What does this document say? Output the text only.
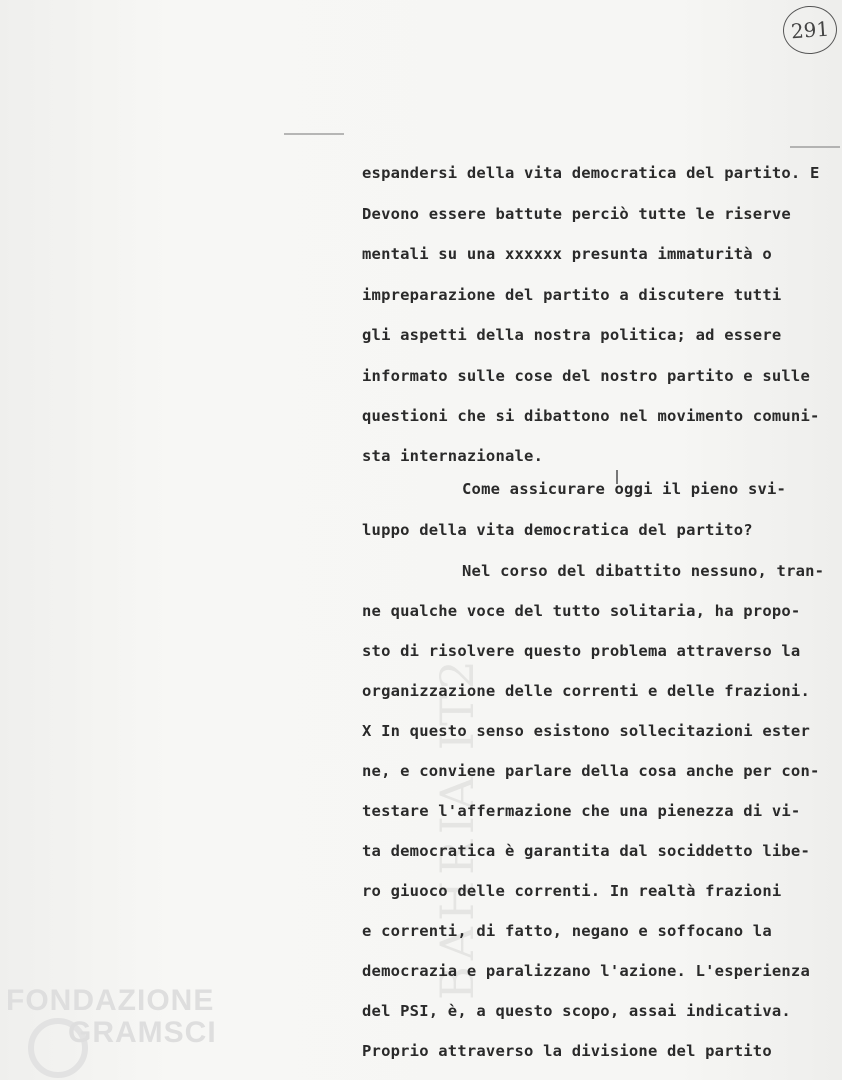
BAHRIA IT2
291
espandersi della vita democratica del partito. E
Devono essere battute perciò tutte le riserve
mentali su una xxxxxx presunta immaturità o
impreparazione del partito a discutere tutti
gli aspetti della nostra politica; ad essere
informato sulle cose del nostro partito e sulle
questioni che si dibattono nel movimento comuni-
sta internazionale.
Come assicurare oggi il pieno svi-
luppo della vita democratica del partito?
Nel corso del dibattito nessuno, tran-
ne qualche voce del tutto solitaria, ha propo-
sto di risolvere questo problema attraverso la
organizzazione delle correnti e delle frazioni.
X In questo senso esistono sollecitazioni ester
ne, e conviene parlare della cosa anche per con-
testare l'affermazione che una pienezza di vi-
ta democratica è garantita dal sociddetto libe-
ro giuoco delle correnti. In realtà frazioni
e correnti, di fatto, negano e soffocano la
democrazia e paralizzano l'azione. L'esperienza
del PSI, è, a questo scopo, assai indicativa.
Proprio attraverso la divisione del partito
FONDAZIONE
GRAMSCI
